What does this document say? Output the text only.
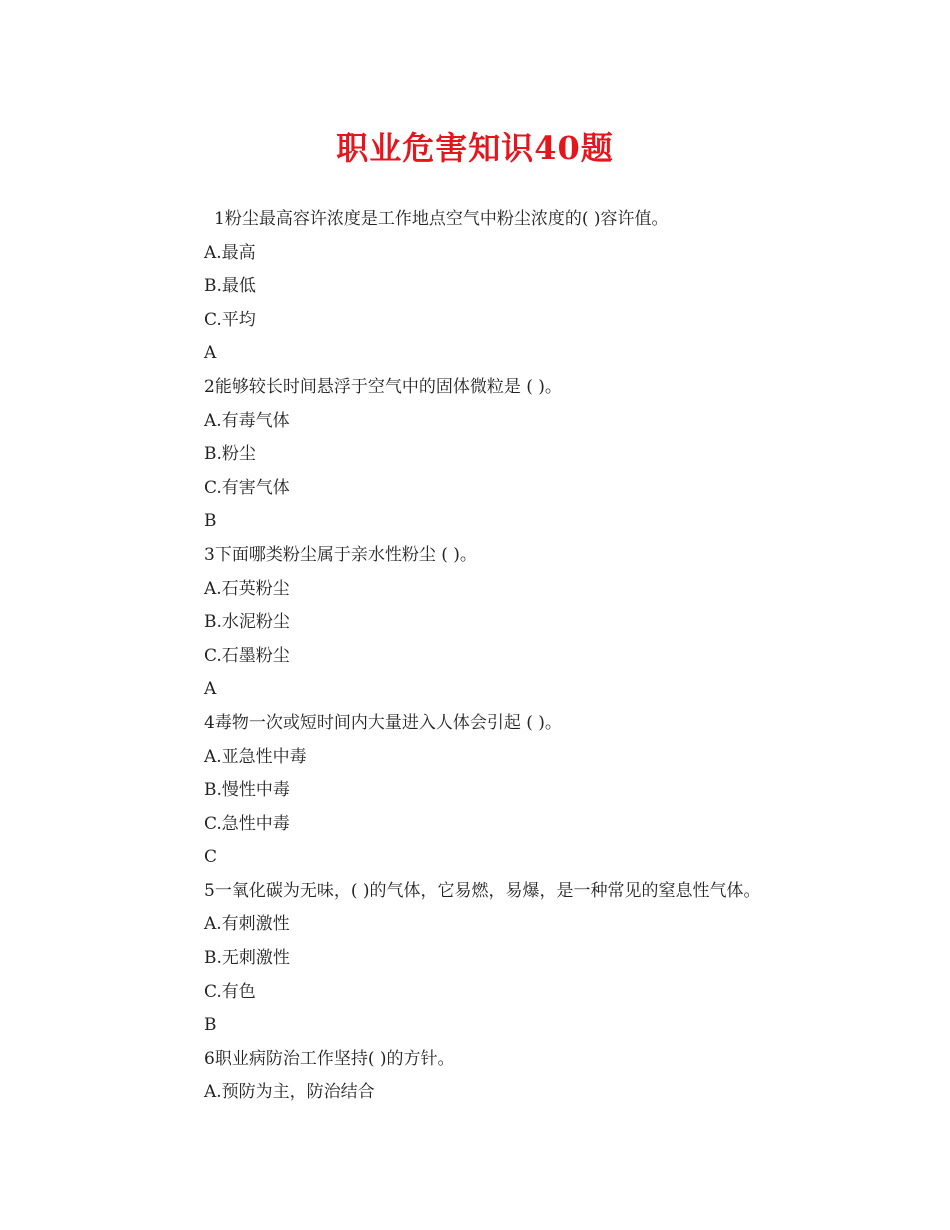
职业危害知识40题
1粉尘最高容许浓度是工作地点空气中粉尘浓度的( )容许值。
A.最高
B.最低
C.平均
A
2能够较长时间悬浮于空气中的固体微粒是 ( )。
A.有毒气体
B.粉尘
C.有害气体
B
3下面哪类粉尘属于亲水性粉尘 ( )。
A.石英粉尘
B.水泥粉尘
C.石墨粉尘
A
4毒物一次或短时间内大量进入人体会引起 ( )。
A.亚急性中毒
B.慢性中毒
C.急性中毒
C
5一氧化碳为无味，( )的气体，它易燃，易爆，是一种常见的窒息性气体。
A.有刺激性
B.无刺激性
C.有色
B
6职业病防治工作坚持( )的方针。
A.预防为主，防治结合
